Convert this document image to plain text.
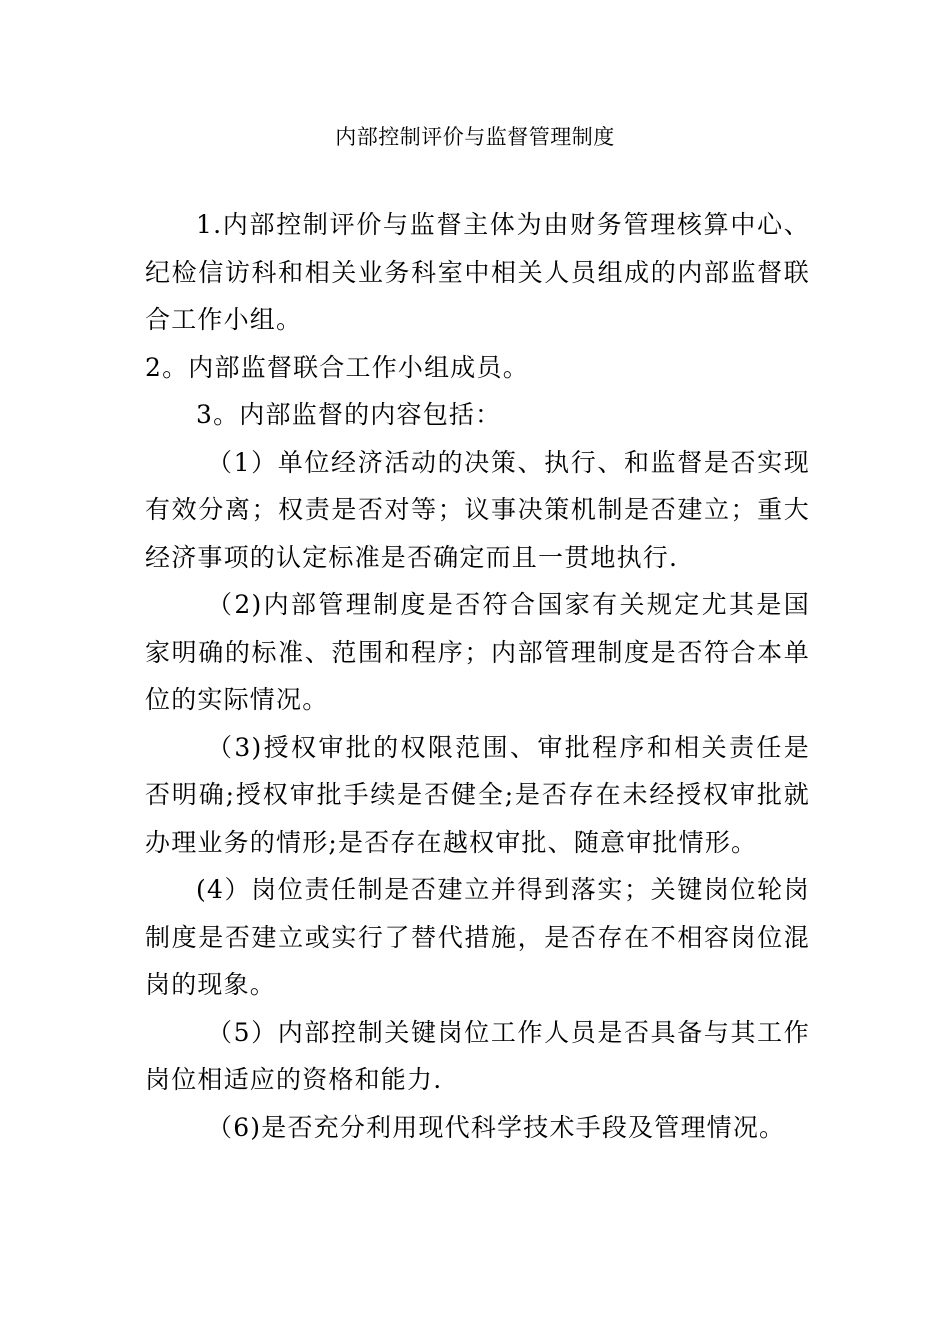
内部控制评价与监督管理制度

1.内部控制评价与监督主体为由财务管理核算中心、纪检信访科和相关业务科室中相关人员组成的内部监督联合工作小组。

2。内部监督联合工作小组成员。

3。内部监督的内容包括：

（1）单位经济活动的决策、执行、和监督是否实现有效分离；权责是否对等；议事决策机制是否建立；重大经济事项的认定标准是否确定而且一贯地执行.

（2)内部管理制度是否符合国家有关规定尤其是国家明确的标准、范围和程序；内部管理制度是否符合本单位的实际情况。

（3)授权审批的权限范围、审批程序和相关责任是否明确;授权审批手续是否健全;是否存在未经授权审批就办理业务的情形;是否存在越权审批、随意审批情形。

(4）岗位责任制是否建立并得到落实；关键岗位轮岗制度是否建立或实行了替代措施，是否存在不相容岗位混岗的现象。

（5）内部控制关键岗位工作人员是否具备与其工作岗位相适应的资格和能力.

（6)是否充分利用现代科学技术手段及管理情况。
